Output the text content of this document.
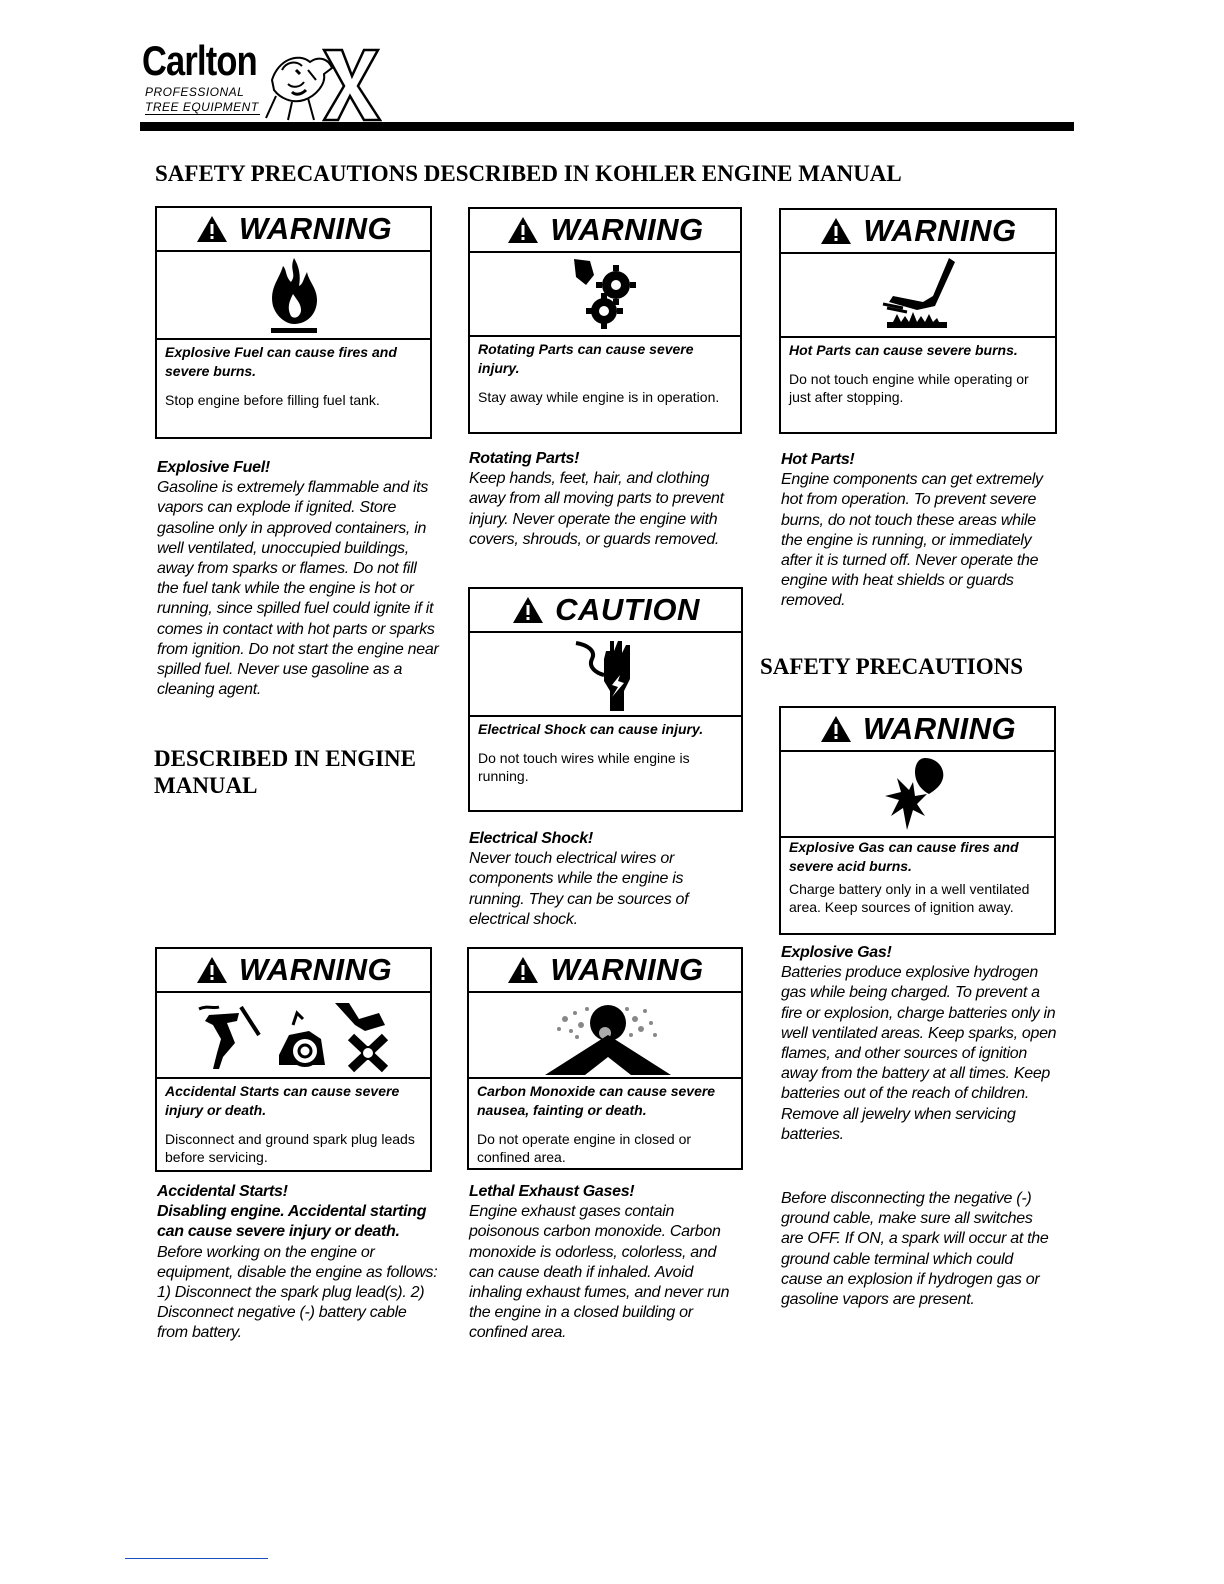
Carlton
PROFESSIONAL
TREE EQUIPMENT
SAFETY PRECAUTIONS DESCRIBED IN KOHLER ENGINE MANUAL
WARNING
Explosive Fuel can cause fires and severe burns.
Stop engine before filling fuel tank.
WARNING
Rotating Parts can cause severe injury.
Stay away while engine is in operation.
WARNING
Hot Parts can cause severe burns.
Do not touch engine while operating or just after stopping.
Explosive Fuel!
Gasoline is extremely flammable and its vapors can explode if ignited. Store gasoline only in approved containers, in well ventilated, unoccupied buildings, away from sparks or flames. Do not fill the fuel tank while the engine is hot or running, since spilled fuel could ignite if it comes in contact with hot parts or sparks from ignition. Do not start the engine near spilled fuel. Never use gasoline as a cleaning agent.
Rotating Parts!
Keep hands, feet, hair, and clothing away from all moving parts to prevent injury. Never operate the engine with covers, shrouds, or guards removed.
Hot Parts!
Engine components can get extremely hot from operation. To prevent severe burns, do not touch these areas while the engine is running, or immediately after it is turned off. Never operate the engine with heat shields or guards removed.
SAFETY PRECAUTIONS
DESCRIBED IN ENGINE
MANUAL
CAUTION
Electrical Shock can cause injury.
Do not touch wires while engine is running.
WARNING
Explosive Gas can cause fires and severe acid burns.
Charge battery only in a well ventilated area. Keep sources of ignition away.
Electrical Shock!
Never touch electrical wires or components while the engine is running. They can be sources of electrical shock.
Explosive Gas!
Batteries produce explosive hydrogen gas while being charged. To prevent a fire or explosion, charge batteries only in well ventilated areas. Keep sparks, open flames, and other sources of ignition away from the battery at all times. Keep batteries out of the reach of children. Remove all jewelry when servicing batteries.
Before disconnecting the negative (-) ground cable, make sure all switches are OFF. If ON, a spark will occur at the ground cable terminal which could cause an explosion if hydrogen gas or gasoline vapors are present.
WARNING
Accidental Starts can cause severe injury or death.
Disconnect and ground spark plug leads before servicing.
WARNING
Carbon Monoxide can cause severe nausea, fainting or death.
Do not operate engine in closed or confined area.
Accidental Starts!
Disabling engine. Accidental starting can cause severe injury or death. Before working on the engine or equipment, disable the engine as follows: 1) Disconnect the spark plug lead(s). 2) Disconnect negative (-) battery cable from battery.
Lethal Exhaust Gases!
Engine exhaust gases contain poisonous carbon monoxide. Carbon monoxide is odorless, colorless, and can cause death if inhaled. Avoid inhaling exhaust fumes, and never run the engine in a closed building or confined area.
